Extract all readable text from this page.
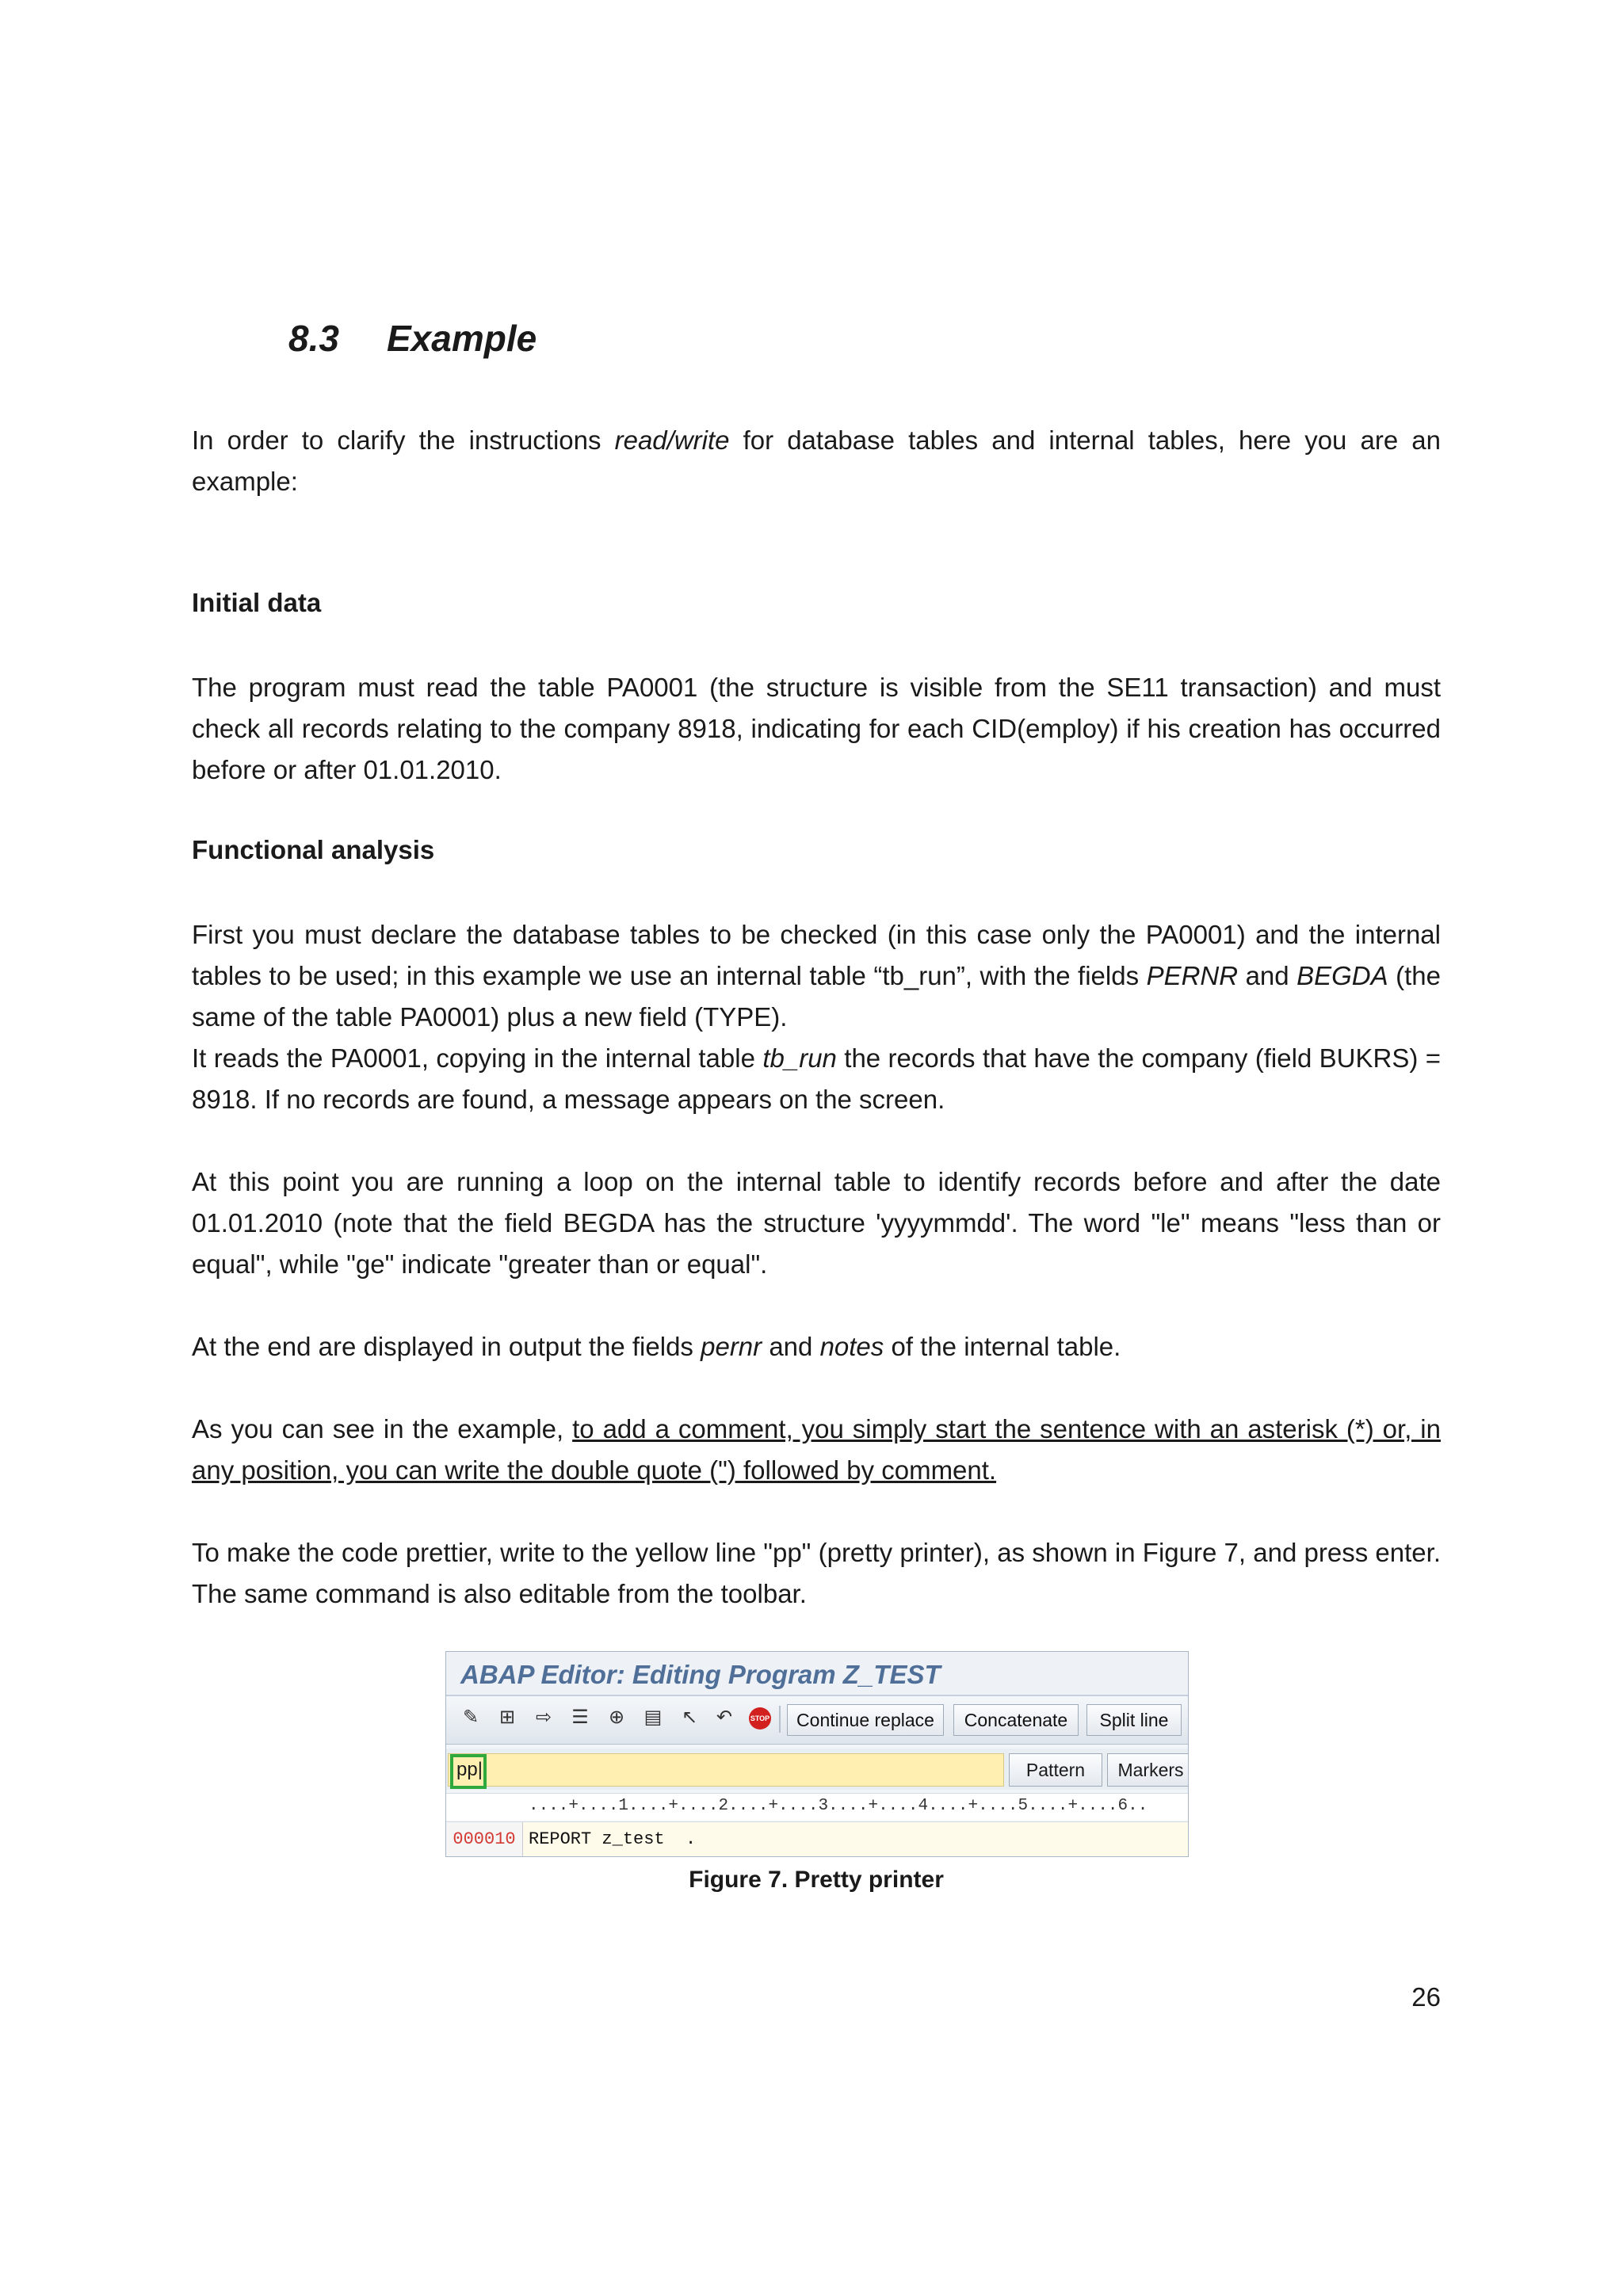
8.3 Example

In order to clarify the instructions read/write for database tables and internal tables, here you are an example:

Initial data

The program must read the table PA0001 (the structure is visible from the SE11 transaction) and must check all records relating to the company 8918, indicating for each CID(employ) if his creation has occurred before or after 01.01.2010.

Functional analysis

First you must declare the database tables to be checked (in this case only the PA0001) and the internal tables to be used; in this example we use an internal table “tb_run”, with the fields PERNR and BEGDA (the same of the table PA0001) plus a new field (TYPE).

It reads the PA0001, copying in the internal table tb_run the records that have the company (field BUKRS) = 8918. If no records are found, a message appears on the screen.

At this point you are running a loop on the internal table to identify records before and after the date 01.01.2010 (note that the field BEGDA has the structure 'yyyymmdd'. The word "le" means "less than or equal", while "ge" indicate "greater than or equal".

At the end are displayed in output the fields pernr and notes of the internal table.

As you can see in the example, to add a comment, you simply start the sentence with an asterisk (*) or, in any position, you can write the double quote (") followed by comment.

To make the code prettier, write to the yellow line "pp" (pretty printer), as shown in Figure 7, and press enter. The same command is also editable from the toolbar.

ABAP Editor: Editing Program Z_TEST
✎ ⊞ ⇨ ☰ ⊕ ▤ ↖ ↶	STOP	Continue replace	Concatenate	Split line
pp|	Pattern	Markers
....+....1....+....2....+....3....+....4....+....5....+....6..
000010 REPORT z_test  .
Figure 7. Pretty printer
26
